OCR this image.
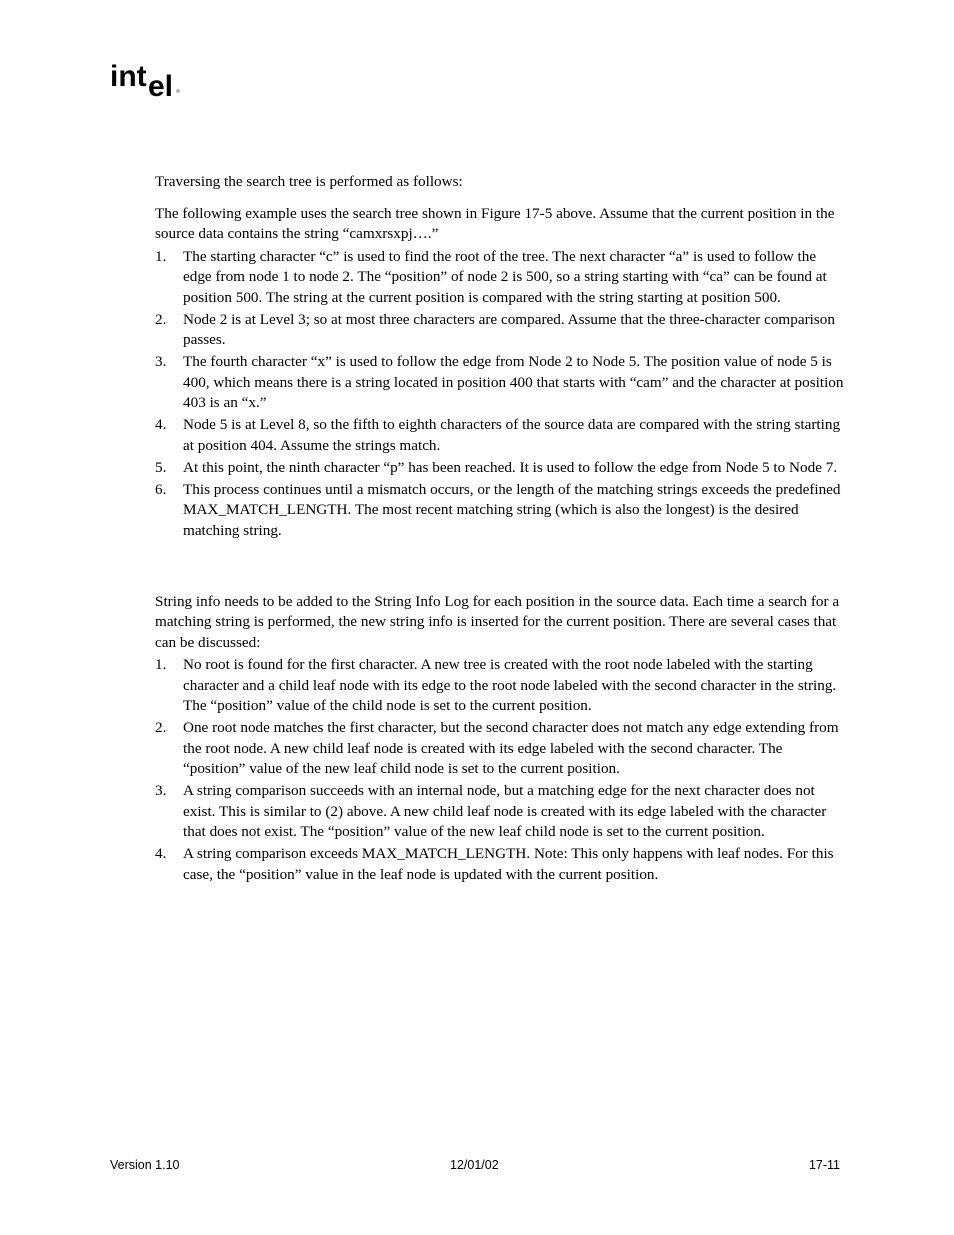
int el

Traversing the search tree is performed as follows:

The following example uses the search tree shown in Figure 17-5 above. Assume that the current position in the source data contains the string “camxrsxpj….”

1. The starting character “c” is used to find the root of the tree. The next character “a” is used to follow the edge from node 1 to node 2. The “position” of node 2 is 500, so a string starting with “ca” can be found at position 500. The string at the current position is compared with the string starting at position 500.
2. Node 2 is at Level 3; so at most three characters are compared. Assume that the three-character comparison passes.
3. The fourth character “x” is used to follow the edge from Node 2 to Node 5. The position value of node 5 is 400, which means there is a string located in position 400 that starts with “cam” and the character at position 403 is an “x.”
4. Node 5 is at Level 8, so the fifth to eighth characters of the source data are compared with the string starting at position 404. Assume the strings match.
5. At this point, the ninth character “p” has been reached. It is used to follow the edge from Node 5 to Node 7.
6. This process continues until a mismatch occurs, or the length of the matching strings exceeds the predefined MAX_MATCH_LENGTH. The most recent matching string (which is also the longest) is the desired matching string.

String info needs to be added to the String Info Log for each position in the source data. Each time a search for a matching string is performed, the new string info is inserted for the current position. There are several cases that can be discussed:

1. No root is found for the first character. A new tree is created with the root node labeled with the starting character and a child leaf node with its edge to the root node labeled with the second character in the string. The “position” value of the child node is set to the current position.
2. One root node matches the first character, but the second character does not match any edge extending from the root node. A new child leaf node is created with its edge labeled with the second character. The “position” value of the new leaf child node is set to the current position.
3. A string comparison succeeds with an internal node, but a matching edge for the next character does not exist. This is similar to (2) above. A new child leaf node is created with its edge labeled with the character that does not exist. The “position” value of the new leaf child node is set to the current position.
4. A string comparison exceeds MAX_MATCH_LENGTH. Note: This only happens with leaf nodes. For this case, the “position” value in the leaf node is updated with the current position.
Version 1.10	12/01/02	17-11
